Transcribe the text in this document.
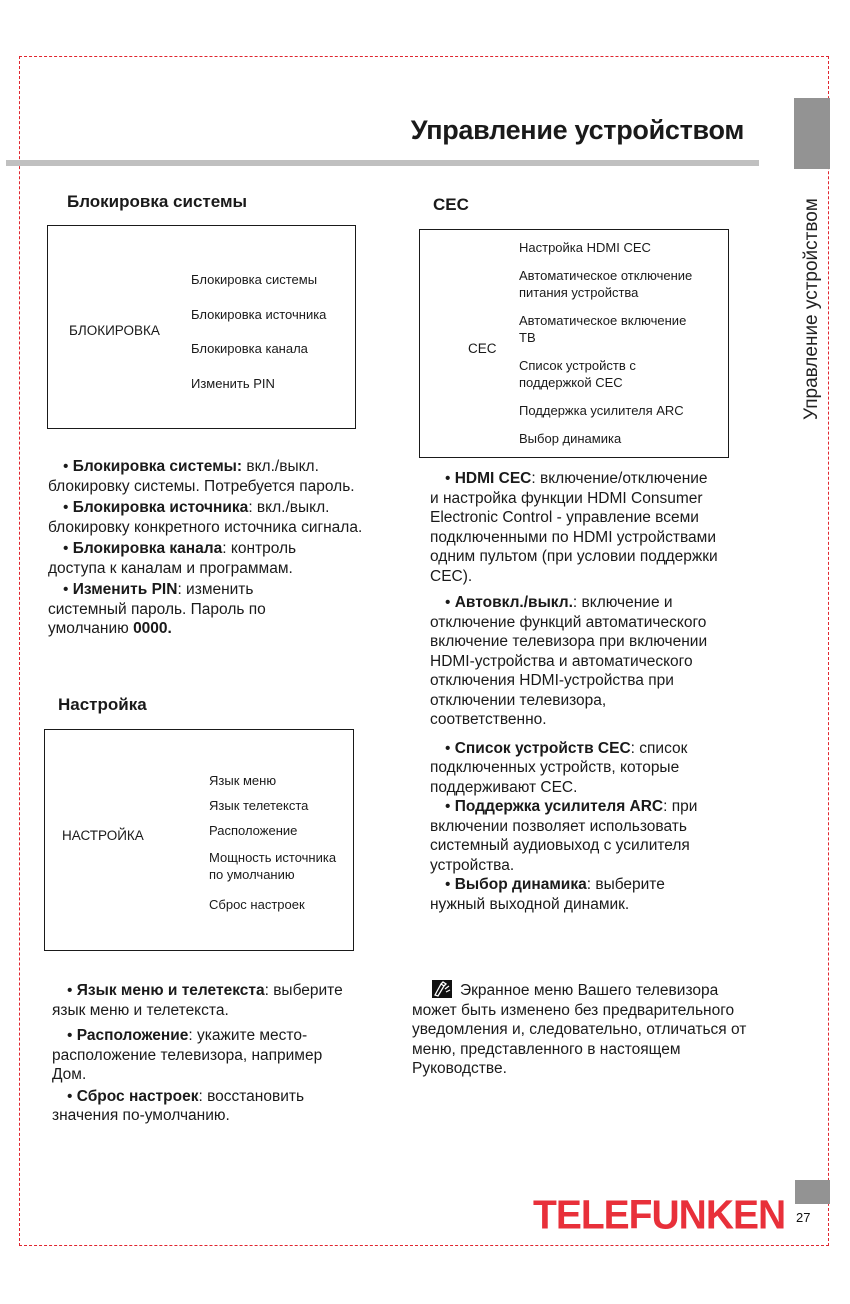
Управление устройством
Управление устройством
Блокировка системы
БЛОКИРОВКА
Блокировка системы
Блокировка источника
Блокировка канала
Изменить PIN

• Блокировка системы: вкл./выкл.
блокировку системы. Потребуется пароль.

• Блокировка источника: вкл./выкл.
блокировку конкретного источника сигнала.

• Блокировка канала: контроль
доступа к каналам и программам.

• Изменить PIN: изменить
системный пароль. Пароль по
умолчанию 0000.

Настройка
НАСТРОЙКА
Язык меню
Язык телетекста
Расположение
Мощность источника
по умолчанию
Сброс настроек

• Язык меню и телетекста: выберите
язык меню и телетекста.

• Расположение: укажите место-
расположение телевизора, например
Дом.

• Сброс настроек: восстановить
значения по-умолчанию.

CEC
CEC
Настройка HDMI CEC
Автоматическое отключение
питания устройства
Автоматическое включение
ТВ
Список устройств с
поддержкой CEC
Поддержка усилителя ARC
Выбор динамика

• HDMI CEC: включение/отключение
и настройка функции HDMI Consumer
Electronic Control - управление всеми
подключенными по HDMI устройствами
одним пультом (при условии поддержки
CEC).

• Автовкл./выкл.: включение и
отключение функций автоматического
включение телевизора при включении
HDMI-устройства и автоматического
отключения HDMI-устройства при
отключении телевизора,
соответственно.

• Список устройств CEC: список
подключенных устройств, которые
поддерживают CEC.

• Поддержка усилителя ARC: при
включении позволяет использовать
системный аудиовыход с усилителя
устройства.

• Выбор динамика: выберите
нужный выходной динамик.

Экранное меню Вашего телевизора
может быть изменено без предварительного
уведомления и, следовательно, отличаться от
меню, представленного в настоящем
Руководстве.

TELEFUNKEN 27
